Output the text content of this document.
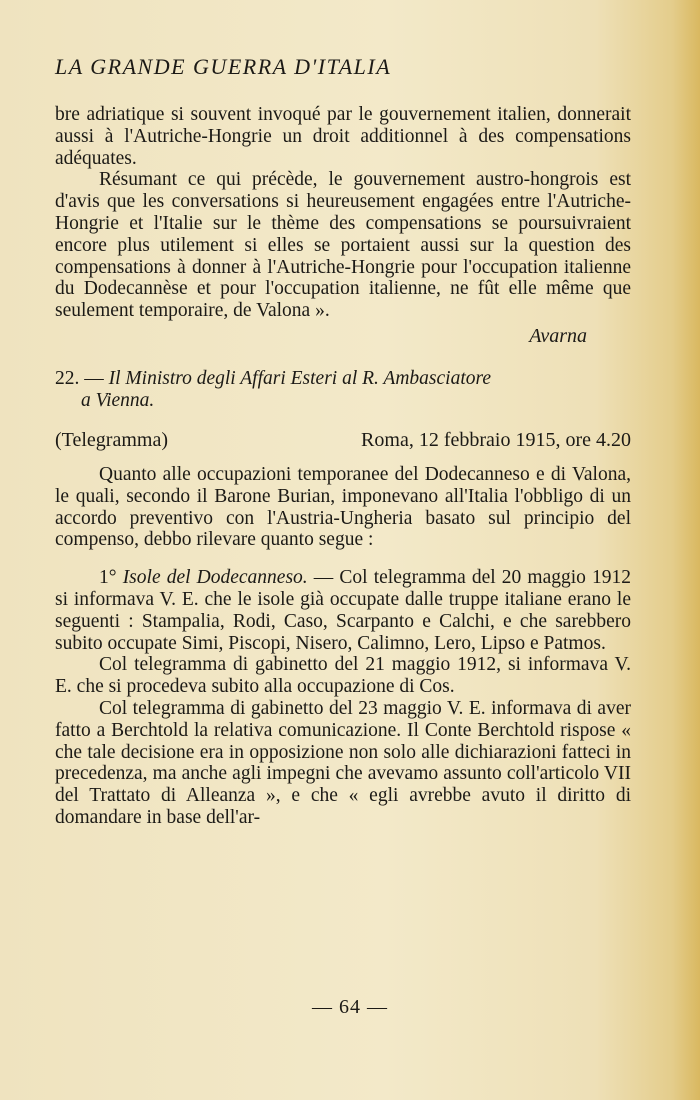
LA GRANDE GUERRA D'ITALIA

bre adriatique si souvent invoqué par le gouvernement italien, donnerait aussi à l'Autriche-Hongrie un droit additionnel à des compensations adéquates.

Résumant ce qui précède, le gouvernement austro-hongrois est d'avis que les conversations si heureusement engagées entre l'Autriche-Hongrie et l'Italie sur le thème des compensations se poursuivraient encore plus utilement si elles se portaient aussi sur la question des compensations à donner à l'Autriche-Hongrie pour l'occupation italienne du Dodecannèse et pour l'occupation italienne, ne fût elle même que seulement temporaire, de Valona ».

Avarna
22. — Il Ministro degli Affari Esteri al R. Ambasciatore
a Vienna.
(Telegramma)	Roma, 12 febbraio 1915, ore 4.20

Quanto alle occupazioni temporanee del Dodecanneso e di Valona, le quali, secondo il Barone Burian, imponevano all'Italia l'obbligo di un accordo preventivo con l'Austria-Ungheria basato sul principio del compenso, debbo rilevare quanto segue :

1° Isole del Dodecanneso. — Col telegramma del 20 maggio 1912 si informava V. E. che le isole già occupate dalle truppe italiane erano le seguenti : Stampalia, Rodi, Caso, Scarpanto e Calchi, e che sarebbero subito occupate Simi, Piscopi, Nisero, Calimno, Lero, Lipso e Patmos.

Col telegramma di gabinetto del 21 maggio 1912, si informava V. E. che si procedeva subito alla occupazione di Cos.

Col telegramma di gabinetto del 23 maggio V. E. informava di aver fatto a Berchtold la relativa comunicazione. Il Conte Berchtold rispose « che tale decisione era in opposizione non solo alle dichiarazioni fatteci in precedenza, ma anche agli impegni che avevamo assunto coll'articolo VII del Trattato di Alleanza », e che « egli avrebbe avuto il diritto di domandare in base dell'ar-

— 64 —
